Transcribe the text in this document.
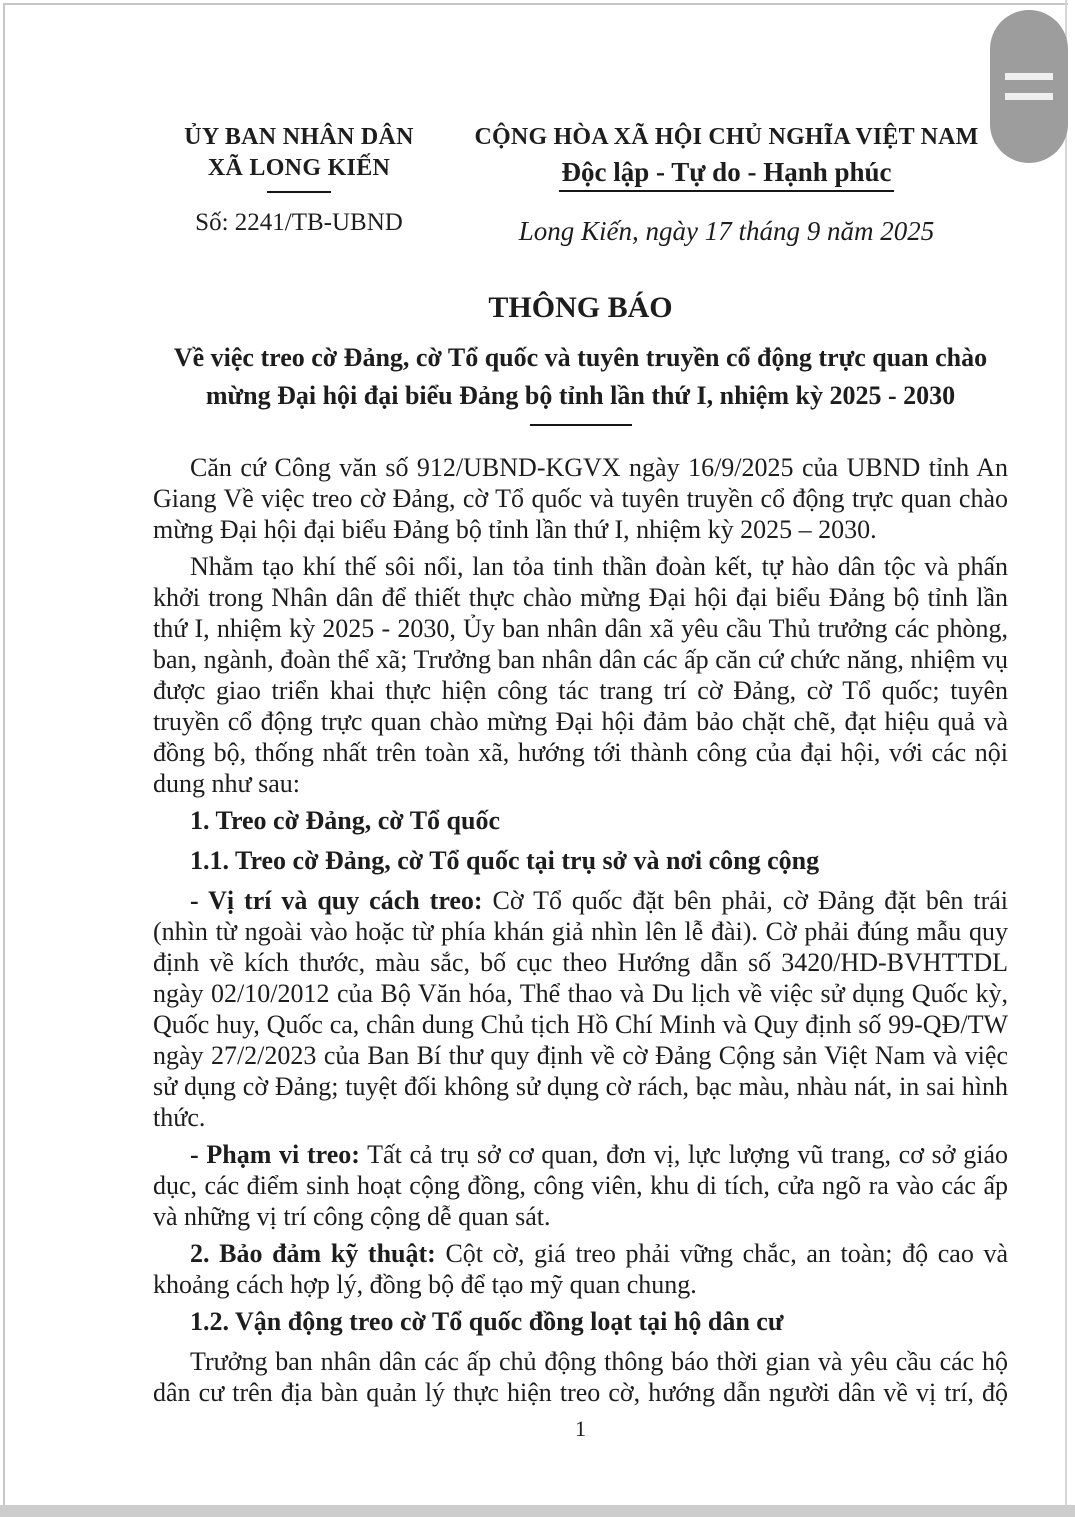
ỦY BAN NHÂN DÂN
XÃ LONG KIẾN
Số: 2241/TB-UBND
CỘNG HÒA XÃ HỘI CHỦ NGHĨA VIỆT NAM
Độc lập - Tự do - Hạnh phúc
Long Kiến, ngày 17 tháng 9 năm 2025
THÔNG BÁO
Về việc treo cờ Đảng, cờ Tổ quốc và tuyên truyền cổ động trực quan chào mừng Đại hội đại biểu Đảng bộ tỉnh lần thứ I, nhiệm kỳ 2025 - 2030

Căn cứ Công văn số 912/UBND-KGVX ngày 16/9/2025 của UBND tỉnh An Giang Về việc treo cờ Đảng, cờ Tổ quốc và tuyên truyền cổ động trực quan chào mừng Đại hội đại biểu Đảng bộ tỉnh lần thứ I, nhiệm kỳ 2025 – 2030.

Nhằm tạo khí thế sôi nổi, lan tỏa tinh thần đoàn kết, tự hào dân tộc và phấn khởi trong Nhân dân để thiết thực chào mừng Đại hội đại biểu Đảng bộ tỉnh lần thứ I, nhiệm kỳ 2025 - 2030, Ủy ban nhân dân xã yêu cầu Thủ trưởng các phòng, ban, ngành, đoàn thể xã; Trưởng ban nhân dân các ấp căn cứ chức năng, nhiệm vụ được giao triển khai thực hiện công tác trang trí cờ Đảng, cờ Tổ quốc; tuyên truyền cổ động trực quan chào mừng Đại hội đảm bảo chặt chẽ, đạt hiệu quả và đồng bộ, thống nhất trên toàn xã, hướng tới thành công của đại hội, với các nội dung như sau:

1. Treo cờ Đảng, cờ Tổ quốc

1.1. Treo cờ Đảng, cờ Tổ quốc tại trụ sở và nơi công cộng

- Vị trí và quy cách treo: Cờ Tổ quốc đặt bên phải, cờ Đảng đặt bên trái (nhìn từ ngoài vào hoặc từ phía khán giả nhìn lên lễ đài). Cờ phải đúng mẫu quy định về kích thước, màu sắc, bố cục theo Hướng dẫn số 3420/HD-BVHTTDL ngày 02/10/2012 của Bộ Văn hóa, Thể thao và Du lịch về việc sử dụng Quốc kỳ, Quốc huy, Quốc ca, chân dung Chủ tịch Hồ Chí Minh và Quy định số 99-QĐ/TW ngày 27/2/2023 của Ban Bí thư quy định về cờ Đảng Cộng sản Việt Nam và việc sử dụng cờ Đảng; tuyệt đối không sử dụng cờ rách, bạc màu, nhàu nát, in sai hình thức.

- Phạm vi treo: Tất cả trụ sở cơ quan, đơn vị, lực lượng vũ trang, cơ sở giáo dục, các điểm sinh hoạt cộng đồng, công viên, khu di tích, cửa ngõ ra vào các ấp và những vị trí công cộng dễ quan sát.

2. Bảo đảm kỹ thuật: Cột cờ, giá treo phải vững chắc, an toàn; độ cao và khoảng cách hợp lý, đồng bộ để tạo mỹ quan chung.

1.2. Vận động treo cờ Tổ quốc đồng loạt tại hộ dân cư

Trưởng ban nhân dân các ấp chủ động thông báo thời gian và yêu cầu các hộ dân cư trên địa bàn quản lý thực hiện treo cờ, hướng dẫn người dân về vị trí, độ

1
